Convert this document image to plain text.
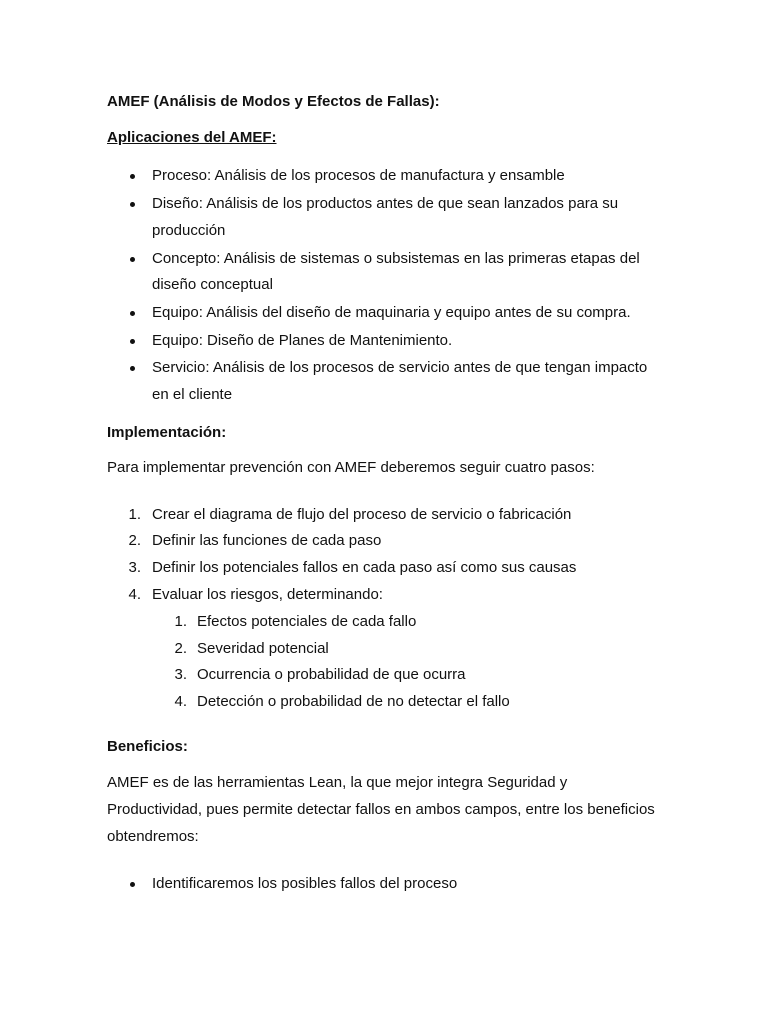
AMEF (Análisis de Modos y Efectos de Fallas):
Aplicaciones del AMEF:
Proceso: Análisis de los procesos de manufactura y ensamble
Diseño: Análisis de los productos antes de que sean lanzados para su
producción
Concepto: Análisis de sistemas o subsistemas en las primeras etapas del
diseño conceptual
Equipo: Análisis del diseño de maquinaria y equipo antes de su compra.
Equipo: Diseño de Planes de Mantenimiento.
Servicio: Análisis de los procesos de servicio antes de que tengan impacto
en el cliente
Implementación:
Para implementar prevención con AMEF deberemos seguir cuatro pasos:
1. Crear el diagrama de flujo del proceso de servicio o fabricación
2. Definir las funciones de cada paso
3. Definir los potenciales fallos en cada paso así como sus causas
4. Evaluar los riesgos, determinando:
1. Efectos potenciales de cada fallo
2. Severidad potencial
3. Ocurrencia o probabilidad de que ocurra
4. Detección o probabilidad de no detectar el fallo
Beneficios:
AMEF es de las herramientas Lean, la que mejor integra Seguridad y
Productividad, pues permite detectar fallos en ambos campos, entre los beneficios
obtendremos:
Identificaremos los posibles fallos del proceso
